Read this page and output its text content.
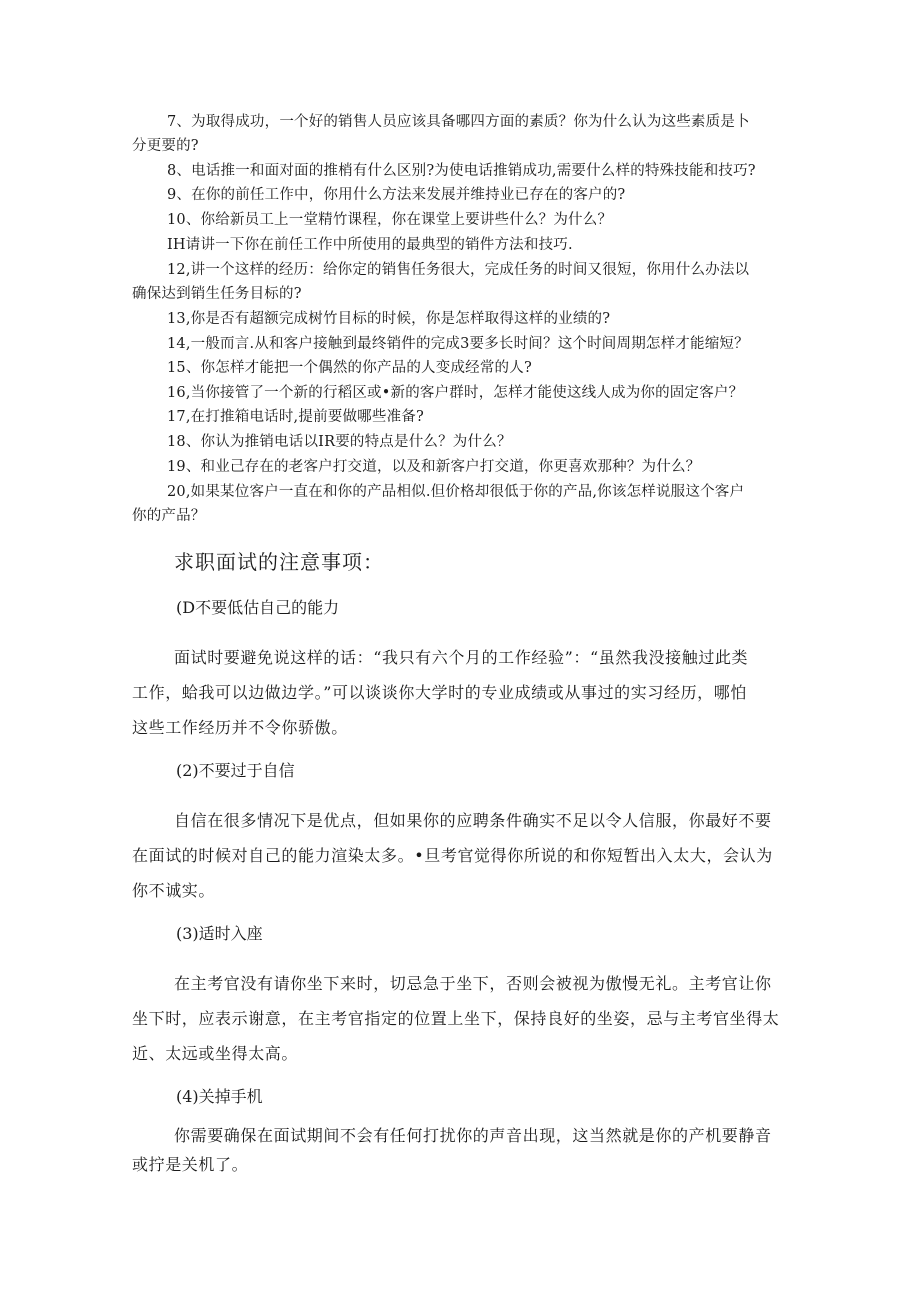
7、为取得成功，一个好的销售人员应该具备哪四方面的素质？你为什么认为这些素质是卜

分更要的?

8、电话推一和面对面的推梢有什么区别?为使电话推销成功,需要什么样的特殊技能和技巧?

9、在你的前任工作中，你用什么方法来发展并维持业已存在的客户的?

10、你给新员工上一堂精竹课程，你在课堂上要讲些什么？为什么？

IH请讲一下你在前任工作中所使用的最典型的销件方法和技巧.

12,讲一个这样的经历：给你定的销售任务很大，完成任务的时间又很短，你用什么办法以

确保达到销生任务目标的?

13,你是否有超额完成树竹目标的时候，你是怎样取得这样的业绩的?

14,一般而言.从和客户接触到最终销件的完成3要多长时间？这个时间周期怎样才能缩短？

15、你怎样才能把一个偶然的你产品的人变成经常的人?

16,当你接管了一个新的行稻区或•新的客户群时，怎样才能使这线人成为你的固定客户？

17,在打推箱电话时,提前要做哪些准备?

18、你认为推销电话以IR要的特点是什么？为什么？

19、和业己存在的老客户打交道，以及和新客户打交道，你更喜欢那种？为什么？

20,如果某位客户一直在和你的产品相似.但价格却很低于你的产品,你该怎样说服这个客户

你的产品？

求职面试的注意事项：

(D不要低估自己的能力

面试时要避免说这样的话：“我只有六个月的工作经验”：“虽然我没接触过此类

工作，蛤我可以边做边学。”可以谈谈你大学时的专业成绩或从事过的实习经历，哪怕

这些工作经历并不令你骄傲。

(2)不要过于自信

自信在很多情况下是优点，但如果你的应聘条件确实不足以令人信服，你最好不要

在面试的时候对自己的能力渲染太多。•旦考官觉得你所说的和你短暂出入太大，会认为

你不诚实。

(3)适时入座

在主考官没有请你坐下来时，切忌急于坐下，否则会被视为傲慢无礼。主考官让你

坐下时，应表示谢意，在主考官指定的位置上坐下，保持良好的坐姿，忌与主考官坐得太

近、太远或坐得太高。

(4)关掉手机

你需要确保在面试期间不会有任何打扰你的声音出现，这当然就是你的产机要静音

或拧是关机了。
